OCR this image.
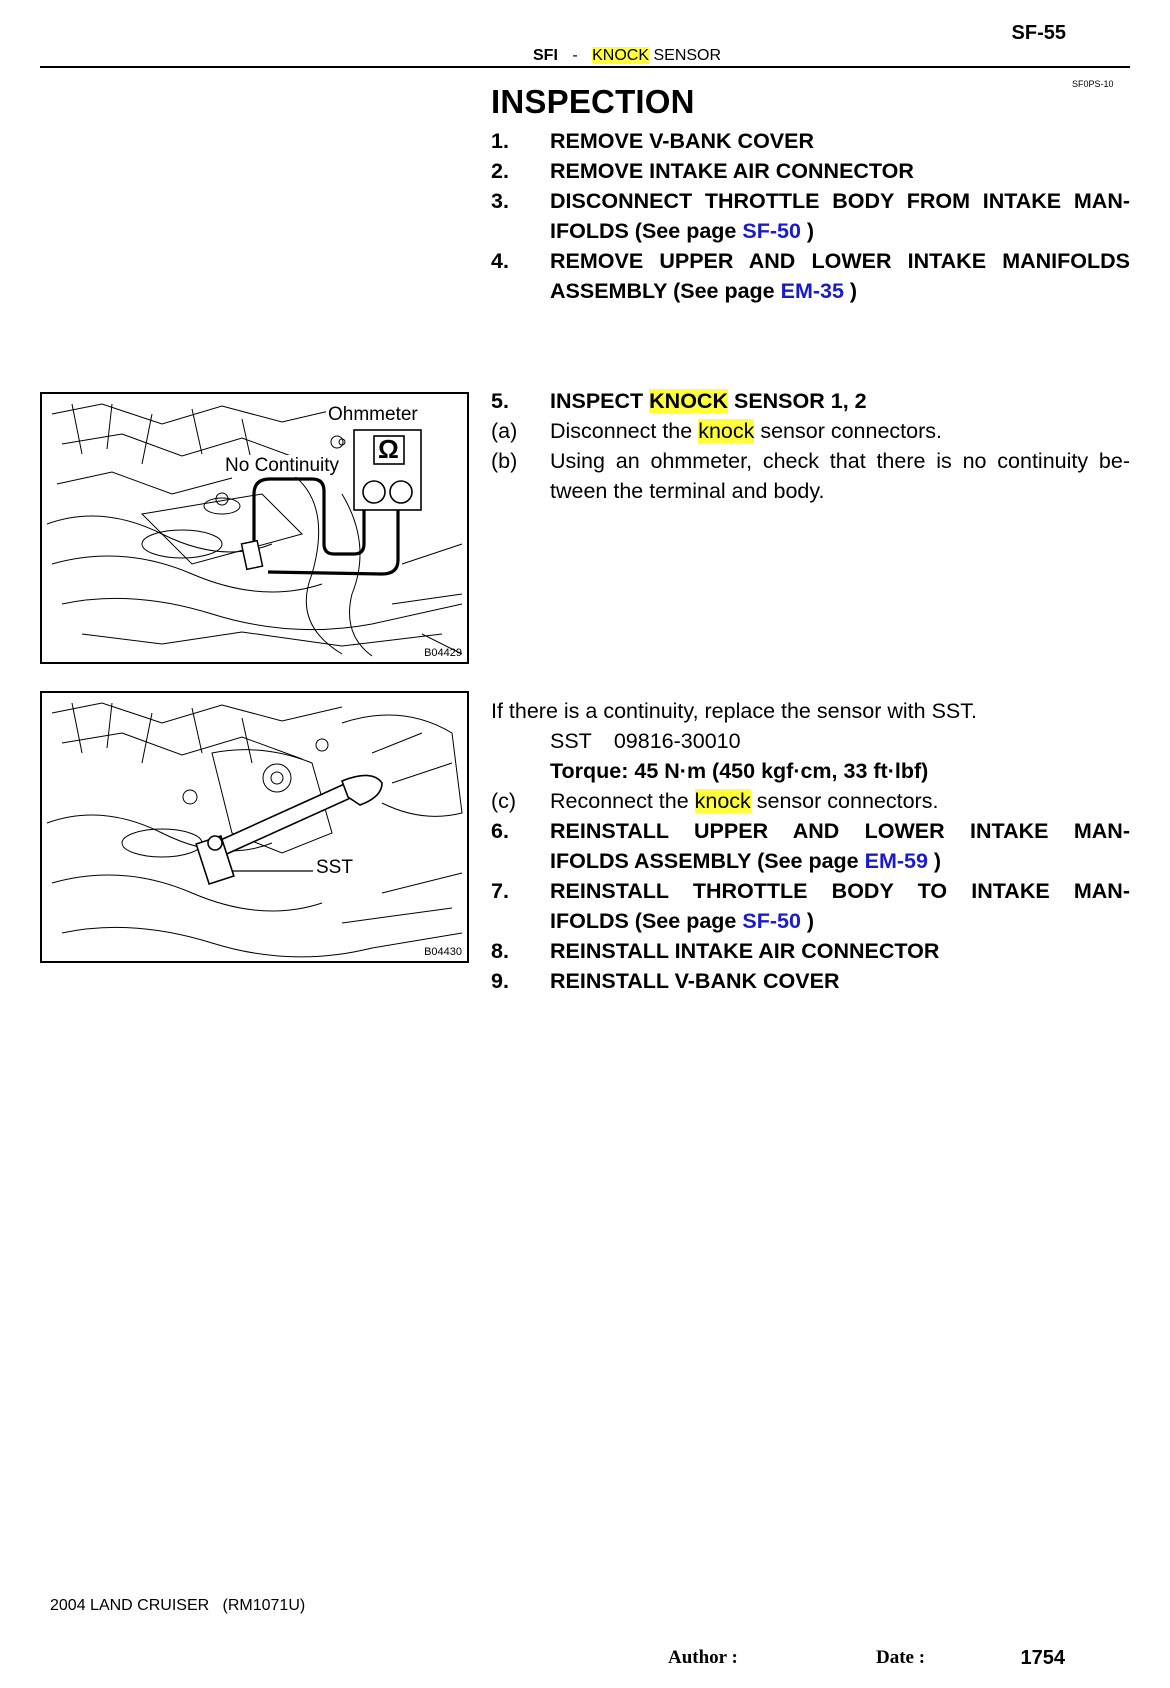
SF-55
SFI - KNOCK SENSOR
SF0PS-10
INSPECTION
1. REMOVE V-BANK COVER
2. REMOVE INTAKE AIR CONNECTOR
3. DISCONNECT THROTTLE BODY FROM INTAKE MAN-
IFOLDS (See page SF-50 )
4. REMOVE UPPER AND LOWER INTAKE MANIFOLDS
ASSEMBLY (See page EM-35 )
Ω
Ohmmeter
No Continuity
B04429
5. INSPECT KNOCK SENSOR 1, 2
(a) Disconnect the knock sensor connectors.
(b) Using an ohmmeter, check that there is no continuity be-
tween the terminal and body.
SST
B04430
If there is a continuity, replace the sensor with SST.
SST 09816-30010
Torque: 45 N·m (450 kgf·cm, 33 ft·lbf)
(c) Reconnect the knock sensor connectors.
6. REINSTALL UPPER AND LOWER INTAKE MAN-
IFOLDS ASSEMBLY (See page EM-59 )
7. REINSTALL THROTTLE BODY TO INTAKE MAN-
IFOLDS (See page SF-50 )
8. REINSTALL INTAKE AIR CONNECTOR
9. REINSTALL V-BANK COVER
2004 LAND CRUISER   (RM1071U)
Author :	Date :	1754
